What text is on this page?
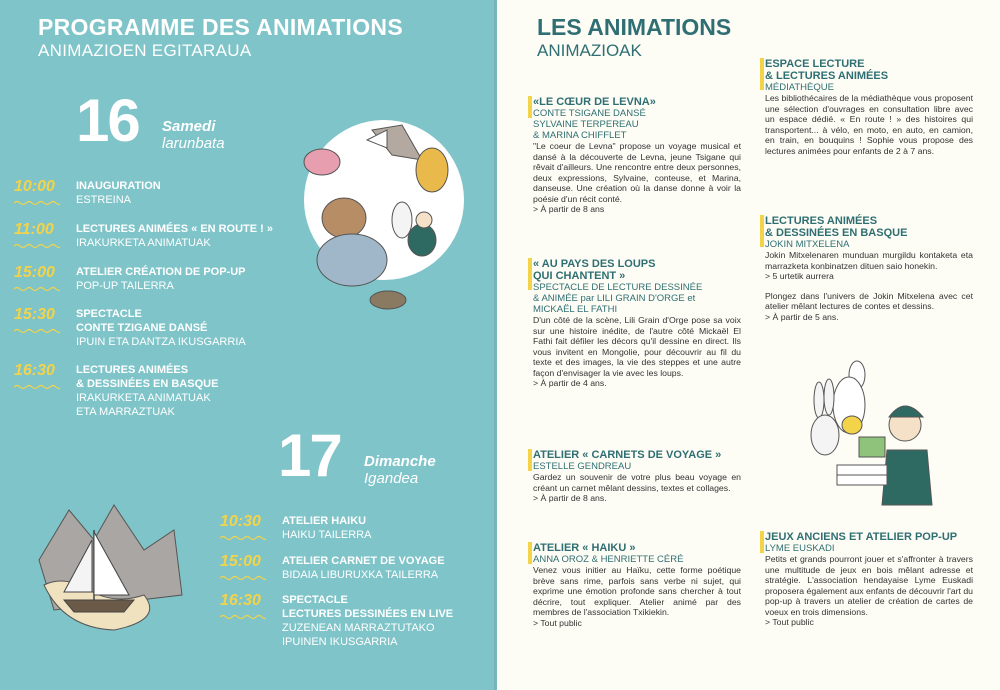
PROGRAMME DES ANIMATIONS
ANIMAZIOEN EGITARAUA
16 Samedi
larunbata
10:00 INAUGURATION
ESTREINA
11:00 LECTURES ANIMÉES « EN ROUTE ! »
IRAKURKETA ANIMATUAK
15:00 ATELIER CRÉATION DE POP-UP
POP-UP TAILERRA
15:30 SPECTACLE
CONTE TZIGANE DANSÉ
IPUIN ETA DANTZA IKUSGARRIA
16:30 LECTURES ANIMÉES
& DESSINÉES EN BASQUE
IRAKURKETA ANIMATUAK
ETA MARRAZTUAK
17 Dimanche
Igandea
10:30 ATELIER HAIKU
HAIKU TAILERRA
15:00 ATELIER CARNET DE VOYAGE
BIDAIA LIBURUXKA TAILERRA
16:30 SPECTACLE
LECTURES DESSINÉES EN LIVE
ZUZENEAN MARRAZTUTAKO
IPUINEN IKUSGARRIA
LES ANIMATIONS
ANIMAZIOAK
«LE CŒUR DE LEVNA»
CONTE TSIGANE DANSÉ
SYLVAINE TERPEREAU
& MARINA CHIFFLET
"Le coeur de Levna" propose un voyage musical et dansé à la découverte de Levna, jeune Tsigane qui rêvait d'ailleurs. Une rencontre entre deux personnes, deux expressions, Sylvaine, conteuse, et Marina, danseuse. Une création où la danse donne à voir la poésie d'un récit conté.
> À partir de 8 ans
« AU PAYS DES LOUPS
QUI CHANTENT »
SPECTACLE DE LECTURE DESSINÉE
& ANIMÉE par LILI GRAIN D'ORGE et
MICKAËL EL FATHI
D'un côté de la scène, Lili Grain d'Orge pose sa voix sur une histoire inédite, de l'autre côté Mickaël El Fathi fait défiler les décors qu'il dessine en direct. Ils vous invitent en Mongolie, pour découvrir au fil du texte et des images, la vie des steppes et une autre façon d'envisager la vie avec les loups.
> À partir de 4 ans.
ATELIER « CARNETS DE VOYAGE »
ESTELLE GENDREAU
Gardez un souvenir de votre plus beau voyage en créant un carnet mêlant dessins, textes et collages.
> À partir de 8 ans.
ATELIER « HAIKU »
ANNA OROZ & HENRIETTE CÉRÉ
Venez vous initier au Haïku, cette forme poétique brève sans rime, parfois sans verbe ni sujet, qui exprime une émotion profonde sans chercher à tout décrire, tout expliquer. Atelier animé par des membres de l'association Txikiekin.
> Tout public
ESPACE LECTURE
& LECTURES ANIMÉES
MÉDIATHÈQUE
Les bibliothécaires de la médiathèque vous proposent une sélection d'ouvrages en consultation libre avec un espace dédié. « En route ! » des histoires qui transportent... à vélo, en moto, en auto, en camion, en train, en bouquins ! Sophie vous propose des lectures animées pour enfants de 2 à 7 ans.
LECTURES ANIMÉES
& DESSINÉES EN BASQUE
JOKIN MITXELENA
Jokin Mitxelenaren munduan murgildu kontaketa eta marrazketa konbinatzen dituen saio honekin.
> 5 urtetik aurrera
Plongez dans l'univers de Jokin Mitxelena avec cet atelier mêlant lectures de contes et dessins.
> À partir de 5 ans.
JEUX ANCIENS ET ATELIER POP-UP
LYME EUSKADI
Petits et grands pourront jouer et s'affronter à travers une multitude de jeux en bois mêlant adresse et stratégie. L'association hendayaise Lyme Euskadi proposera également aux enfants de découvrir l'art du pop-up à travers un atelier de création de cartes de voeux en trois dimensions.
> Tout public
